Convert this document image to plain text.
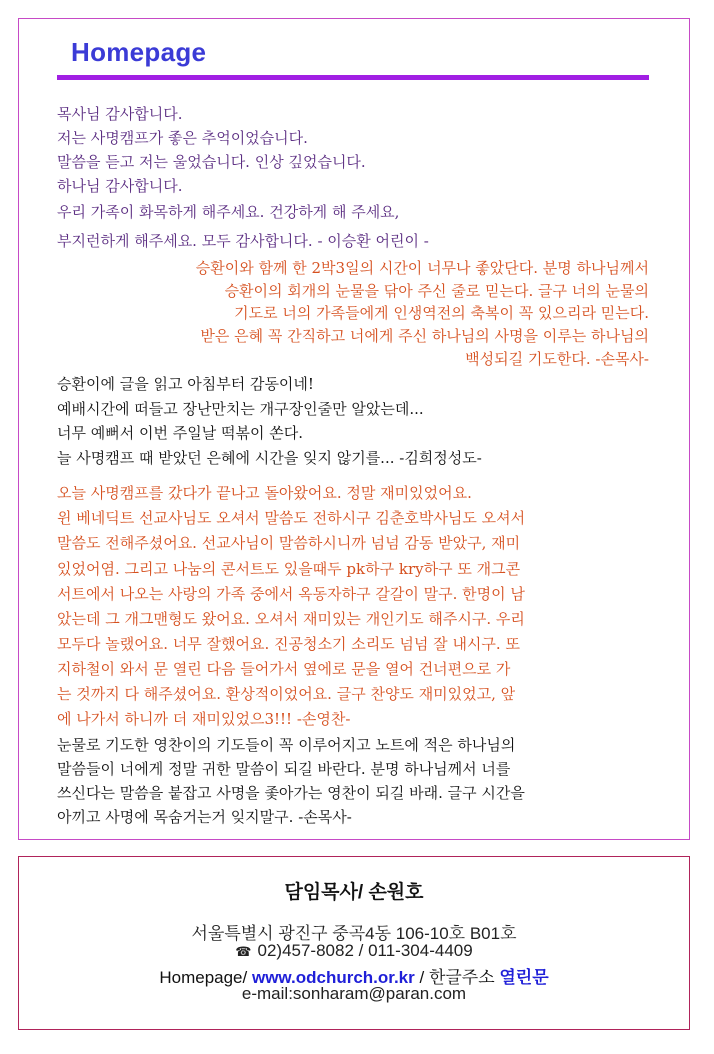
Homepage
목사님 감사합니다.
저는 사명캠프가 좋은 추억이었습니다.
말씀을 듣고 저는 울었습니다. 인상 깊었습니다.
하나님 감사합니다.
우리 가족이 화목하게 해주세요. 건강하게 해 주세요,
부지런하게 해주세요. 모두 감사합니다. - 이승환 어린이 -
승환이와 함께 한 2박3일의 시간이 너무나 좋았단다. 분명 하나님께서
승환이의 회개의 눈물을 닦아 주신 줄로 믿는다. 글구 너의 눈물의
기도로 너의 가족들에게 인생역전의 축복이 꼭 있으리라 믿는다.
받은 은혜 꼭 간직하고 너에게 주신 하나님의 사명을 이루는 하나님의
백성되길 기도한다. -손목사-
승환이에 글을 읽고 아침부터 감동이네!
예배시간에 떠들고 장난만치는 개구장인줄만 알았는데...
너무 예뻐서 이번 주일날 떡볶이 쏜다.
늘 사명캠프 때 받았던 은혜에 시간을 잊지 않기를... -김희정성도-
오늘 사명캠프를 갔다가 끝나고 돌아왔어요. 정말 재미있었어요.
윈 베네딕트 선교사님도 오셔서 말씀도 전하시구 김춘호박사님도 오셔서
말씀도 전해주셨어요. 선교사님이 말씀하시니까 넘넘 감동 받았구, 재미
있었어염. 그리고 나눔의 콘서트도 있을때두 pk하구 kry하구 또 개그콘
서트에서 나오는 사랑의 가족 중에서 옥동자하구 갈갈이 말구. 한명이 남
았는데 그 개그맨형도 왔어요. 오셔서 재미있는 개인기도 해주시구. 우리
모두다 놀랬어요. 너무 잘했어요. 진공청소기 소리도 넘넘 잘 내시구. 또
지하철이 와서 문 열린 다음 들어가서 옆에로 문을 열어 건너편으로 가
는 것까지 다 해주셨어요. 환상적이었어요. 글구 찬양도 재미있었고, 앞
에 나가서 하니까 더 재미있었으3!!! -손영찬-
눈물로 기도한 영찬이의 기도들이 꼭 이루어지고 노트에 적은 하나님의
말씀들이 너에게 정말 귀한 말씀이 되길 바란다. 분명 하나님께서 너를
쓰신다는 말씀을 붙잡고 사명을 좇아가는 영찬이 되길 바래. 글구 시간을
아끼고 사명에 목숨거는거 잊지말구. -손목사-
담임목사/ 손원호
서울특별시 광진구 중곡4동 106-10호 B01호
☎ 02)457-8082 / 011-304-4409
Homepage/ www.odchurch.or.kr / 한글주소 열린문
e-mail:sonharam@paran.com
